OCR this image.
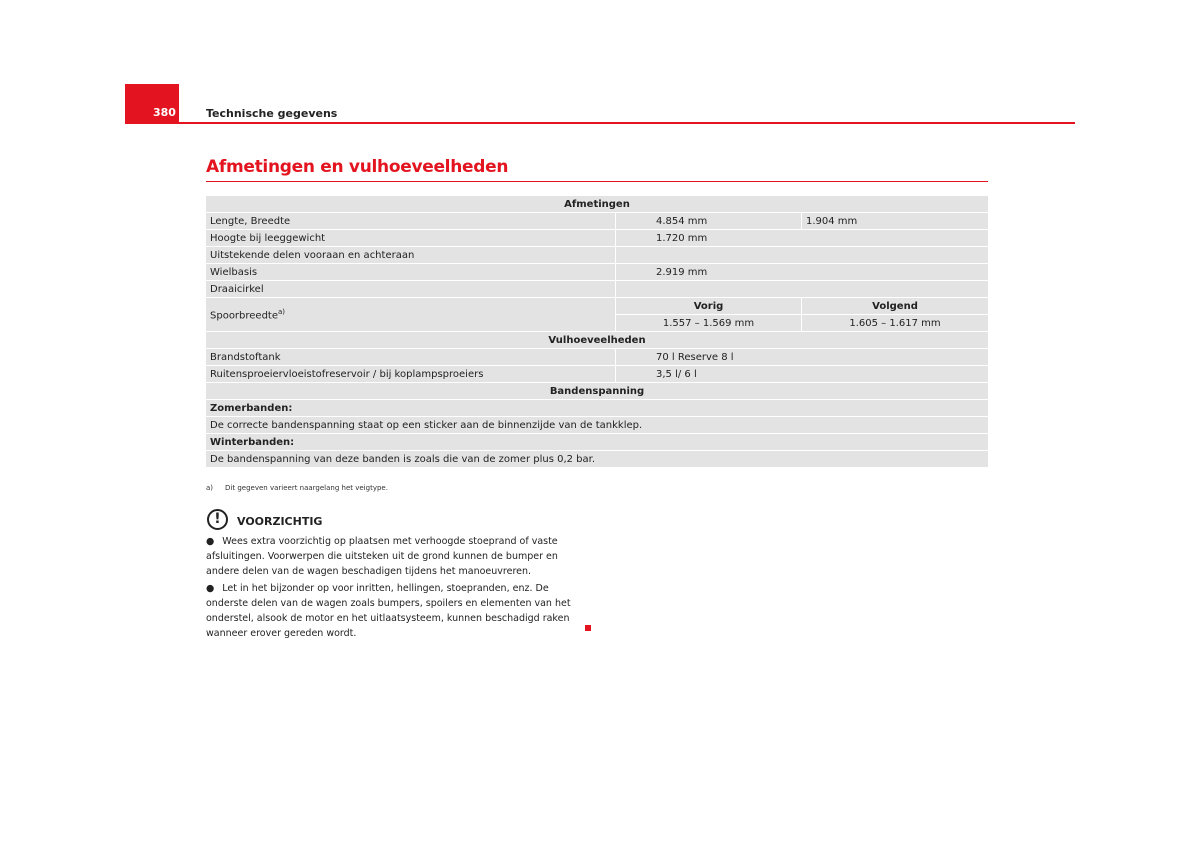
380	Technische gegevens
Afmetingen en vulhoeveelheden
Afmetingen		
Lengte, Breedte	4.854 mm	1.904 mm
Hoogte bij leeggewicht	1.720 mm	
Uitstekende delen vooraan en achteraan		
Wielbasis	2.919 mm	
Draaicirkel		
Spoorbreedte$^{a)}$	Vorig	Volgend
	1.557 – 1.569 mm	1.605 – 1.617 mm
Vulhoeveelheden		
Brandstoftank	70 l Reserve 8 l	
Ruitensproeiervloeistofreservoir / bij koplampsproeiers	3,5 l/ 6 l	
Bandenspanning		
Zomerbanden:		
De correcte bandenspanning staat op een sticker aan de binnenzijde van de tankklep.		
Winterbanden:		
De bandenspanning van deze banden is zoals die van de zomer plus 0,2 bar.		
a) Dit gegeven varieert naargelang het veigtype.
!	VOORZICHTIG

● Wees extra voorzichtig op plaatsen met verhoogde stoeprand of vaste afsluitingen. Voorwerpen die uitsteken uit de grond kunnen de bumper en andere delen van de wagen beschadigen tijdens het manoeuvreren.

● Let in het bijzonder op voor inritten, hellingen, stoepranden, enz. De onderste delen van de wagen zoals bumpers, spoilers en elementen van het onderstel, alsook de motor en het uitlaatsysteem, kunnen beschadigd raken wanneer erover gereden wordt.
